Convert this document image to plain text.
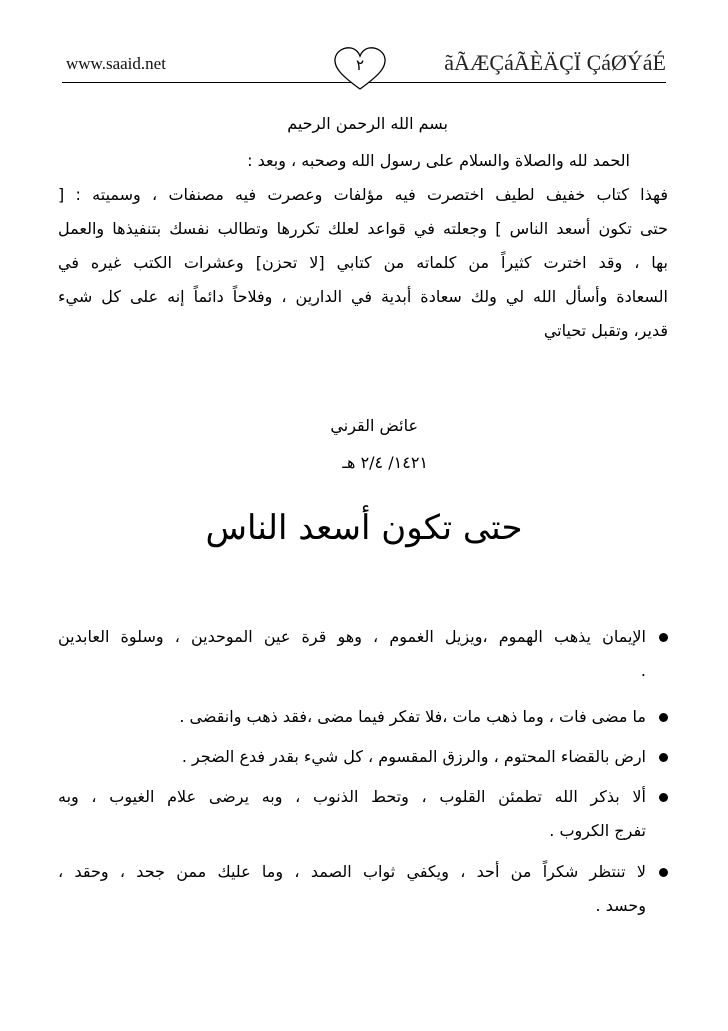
www.saaid.net	ãÃÆÇáÃÈÄÇÏ ÇáØÝáÉ
٢
بسم الله الرحمن الرحيم
الحمد لله والصلاة والسلام على رسول الله وصحبه ، وبعد :
فهذا كتاب خفيف لطيف اختصرت فيه مؤلفات وعصرت فيه مصنفات ، وسميته : [
حتى تكون أسعد الناس ] وجعلته في قواعد لعلك تكررها وتطالب نفسك بتنفيذها والعمل
بها ، وقد اخترت كثيراً من كلماته من كتابي [لا تحزن] وعشرات الكتب غيره في
السعادة وأسأل الله لي ولك سعادة أبدية في الدارين ، وفلاحاً دائماً إنه على كل شيء
قدير، وتقبل تحياتي
عائض القرني
١٤٢١/ ٢/٤ هـ
حتى تكون أسعد الناس
الإيمان يذهب الهموم ،ويزيل الغموم ، وهو قرة عين الموحدين ، وسلوة العابدين
.
ما مضى فات ، وما ذهب مات ،فلا تفكر فيما مضى ،فقد ذهب وانقضى .
ارض بالقضاء المحتوم ، والرزق المقسوم ، كل شيء بقدر فدع الضجر .
ألا بذكر الله تطمئن القلوب ، وتحط الذنوب ، وبه يرضى علام الغيوب ، وبه
تفرج الكروب .
لا تنتظر شكراً من أحد ، ويكفي ثواب الصمد ، وما عليك ممن جحد ، وحقد ،
وحسد .
